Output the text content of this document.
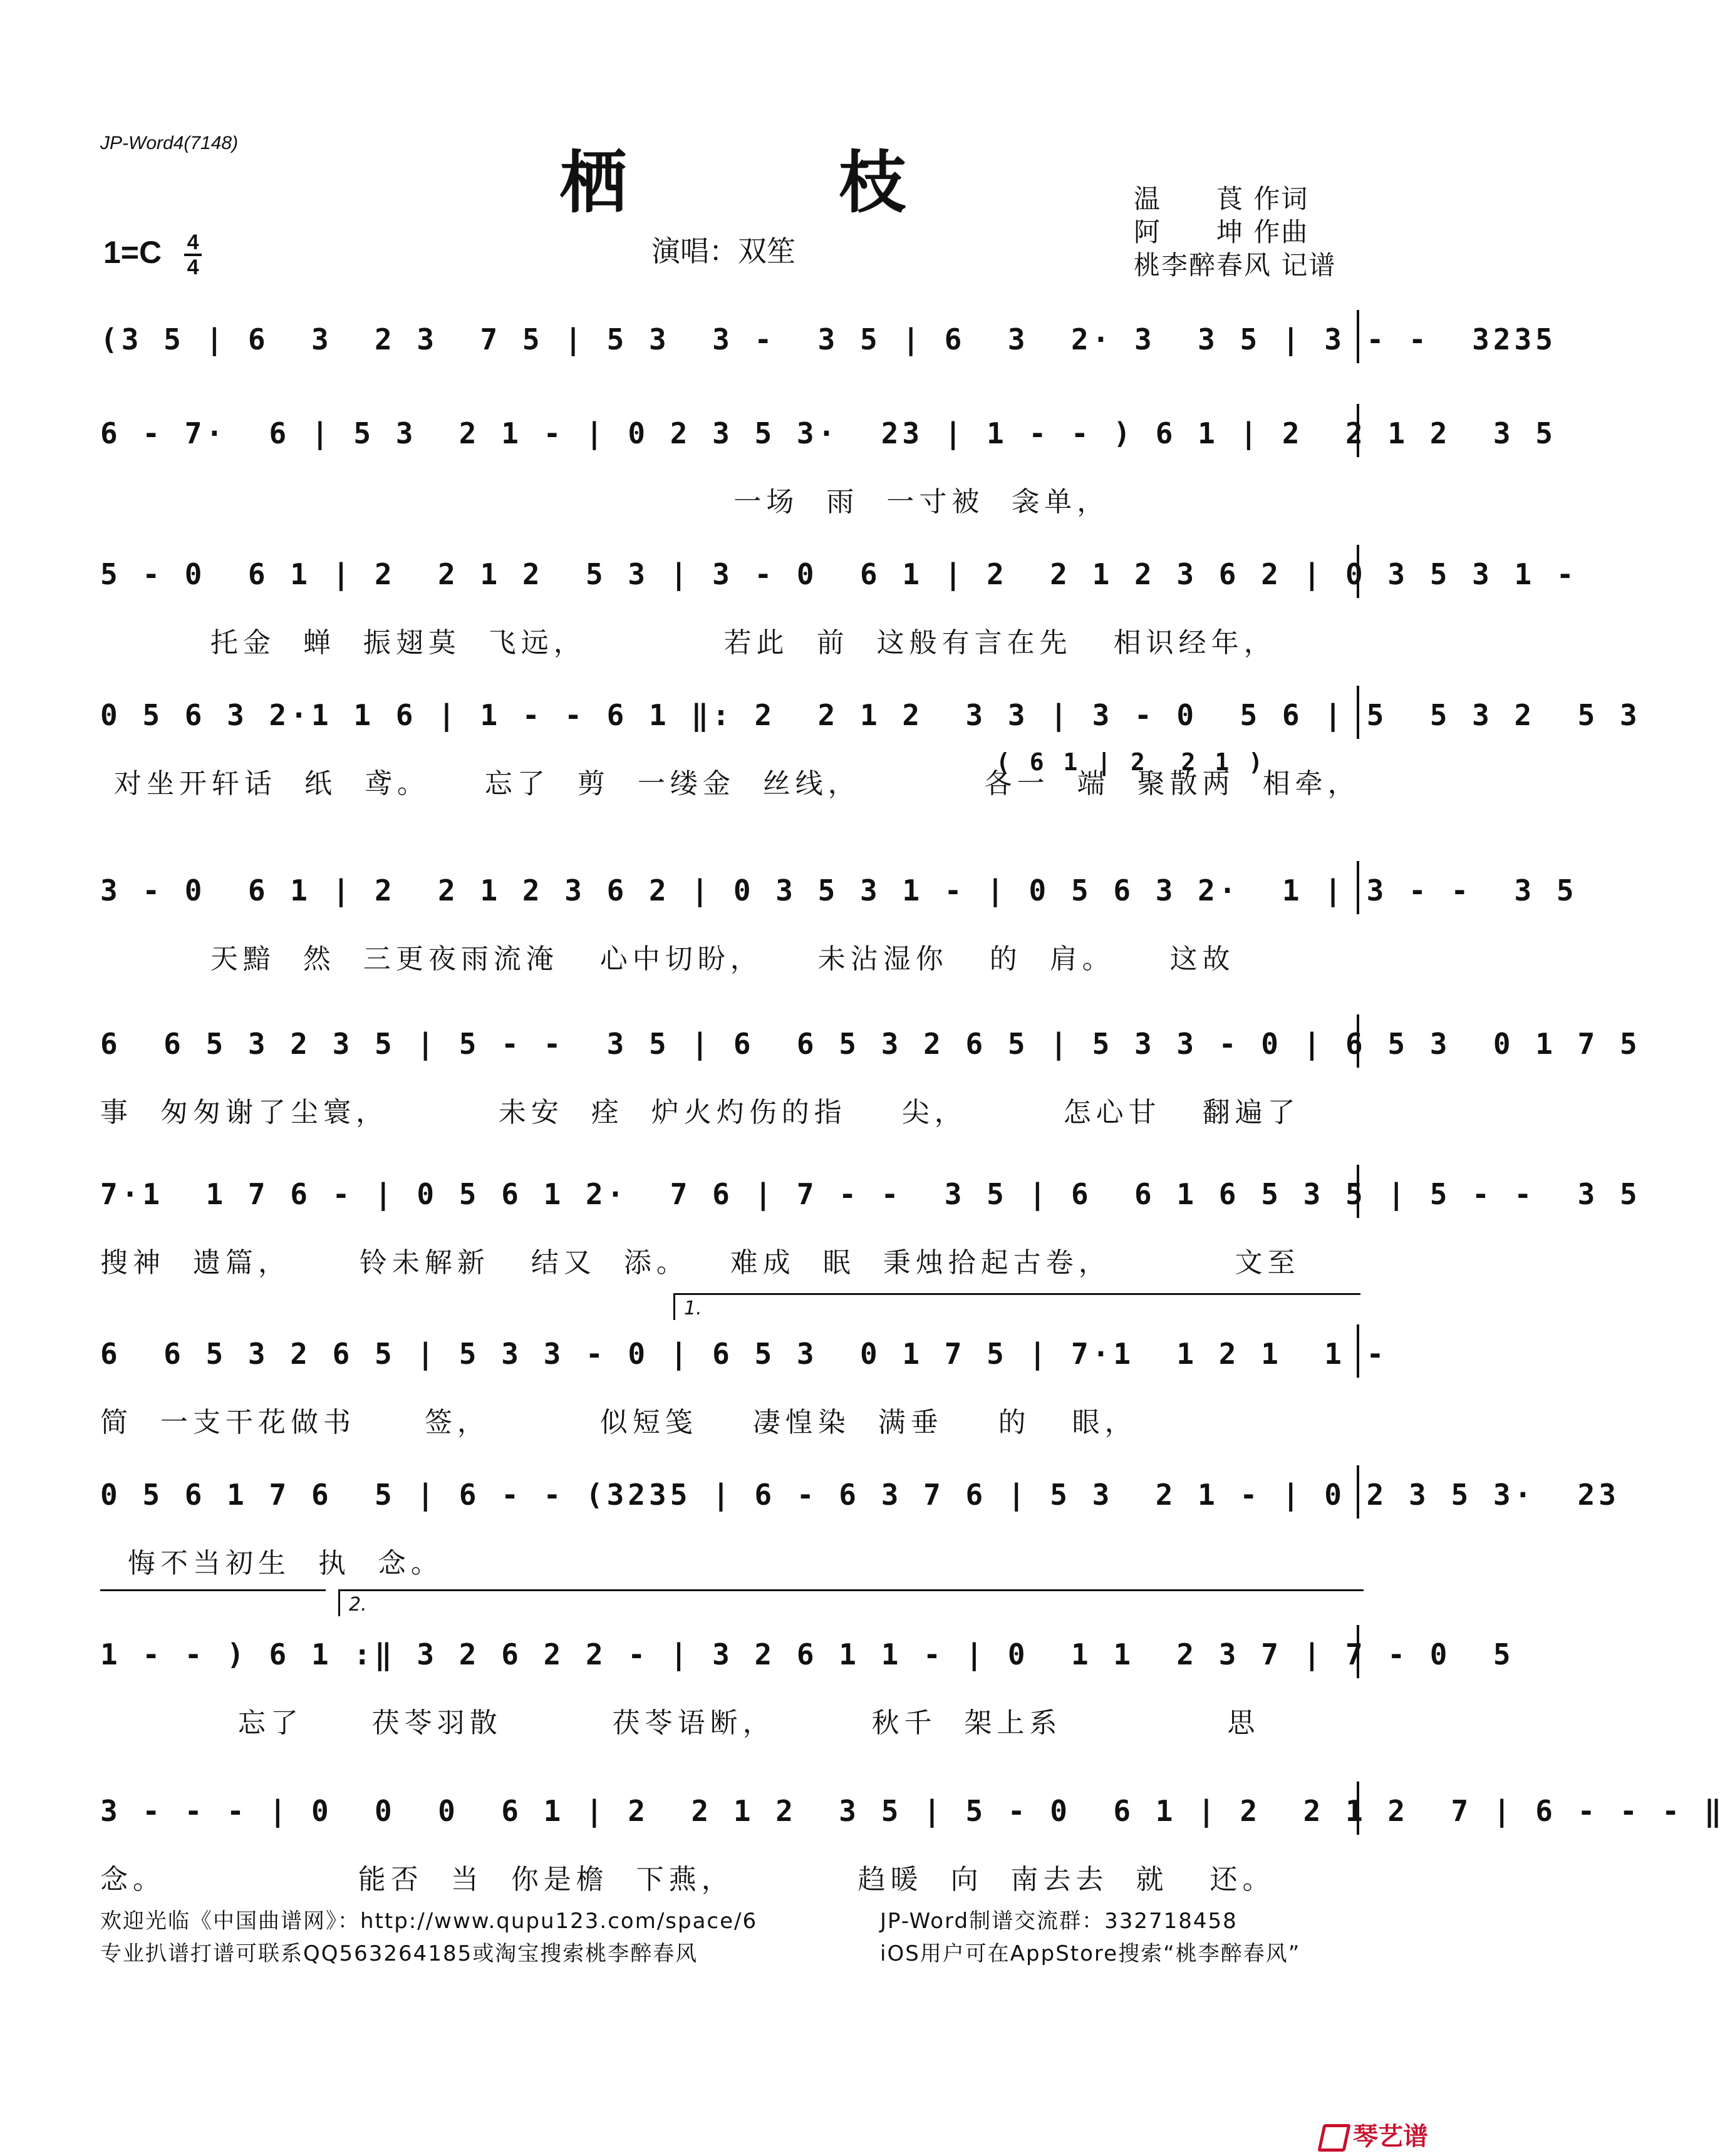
JP-Word4(7148)
栖 枝
演唱：双笙
温　　莨 作词
阿　　坤 作曲
桃李醉春风 记谱
$1=C \frac{4}{4}$
(3 5 | 6  3  2 3  7 5 | 5 3  3 -  3 5 | 6  3  2· 3  3 5 | 3 - -  3235
6 - 7·  6 | 5 3  2 1 - | 0 2 3 5 3·  23 | 1 - - ) 6 1 | 2  2 1 2  3 5
一场  雨  一寸被  衾单，
5 - 0  6 1 | 2  2 1 2  5 3 | 3 - 0  6 1 | 2  2 1 2 3 6 2 | 0 3 5 3 1 -
托金  蝉  振翅莫  飞远，          若此  前  这般有言在先   相识经年，
0 5 6 3 2·1 1 6 | 1 - - 6 1 ‖: 2  2 1 2  3 3 | 3 - 0  5 6 | 5  5 3 2  5 3
对坐开轩话  纸  鸢。    忘了  剪  一缕金  丝线，         各一  端  聚散两  相牵，
3 - 0  6 1 | 2  2 1 2 3 6 2 | 0 3 5 3 1 - | 0 5 6 3 2·  1 | 3 - -  3 5
天黯  然  三更夜雨流淹   心中切盼，    未沾湿你   的  肩。    这故
6  6 5 3 2 3 5 | 5 - -  3 5 | 6  6 5 3 2 6 5 | 5 3 3 - 0 | 6 5 3  0 1 7 5
事  匆匆谢了尘寰，        未安  痊  炉火灼伤的指    尖，       怎心甘   翻遍了
7·1  1 7 6 - | 0 5 6 1 2·  7 6 | 7 - -  3 5 | 6  6 1 6 5 3 5 | 5 - -  3 5
搜神  遗篇，     铃未解新   结又  添。   难成  眠  秉烛拾起古卷，         文至
6  6 5 3 2 6 5 | 5 3 3 - 0 | 6 5 3  0 1 7 5 | 7·1  1 2 1  1 -
简  一支干花做书     签，        似短笺    凄惶染  满垂    的   眼，
0 5 6 1 7 6  5 | 6 - - (3235 | 6 - 6 3 7 6 | 5 3  2 1 - | 0 2 3 5 3·  23
悔不当初生  执  念。
1 - - ) 6 1 :‖ 3 2 6 2 2 - | 3 2 6 1 1 - | 0  1 1  2 3 7 | 7 - 0  5
忘了     茯苓羽散        茯苓语断，       秋千  架上系            思
3 - - - | 0  0  0  6 1 | 2  2 1 2  3 5 | 5 - 0  6 1 | 2  2 1 2  7 | 6 - - - ‖
念。              能否  当  你是檐  下燕，         趋暖  向  南去去  就   还。
1.
2.
( 6 1 | 2  2 1 )
欢迎光临《中国曲谱网》：http://www.qupu123.com/space/6
专业扒谱打谱可联系QQ563264185或淘宝搜索桃李醉春风
JP-Word制谱交流群：332718458
iOS用户可在AppStore搜索“桃李醉春风”
琴艺谱
